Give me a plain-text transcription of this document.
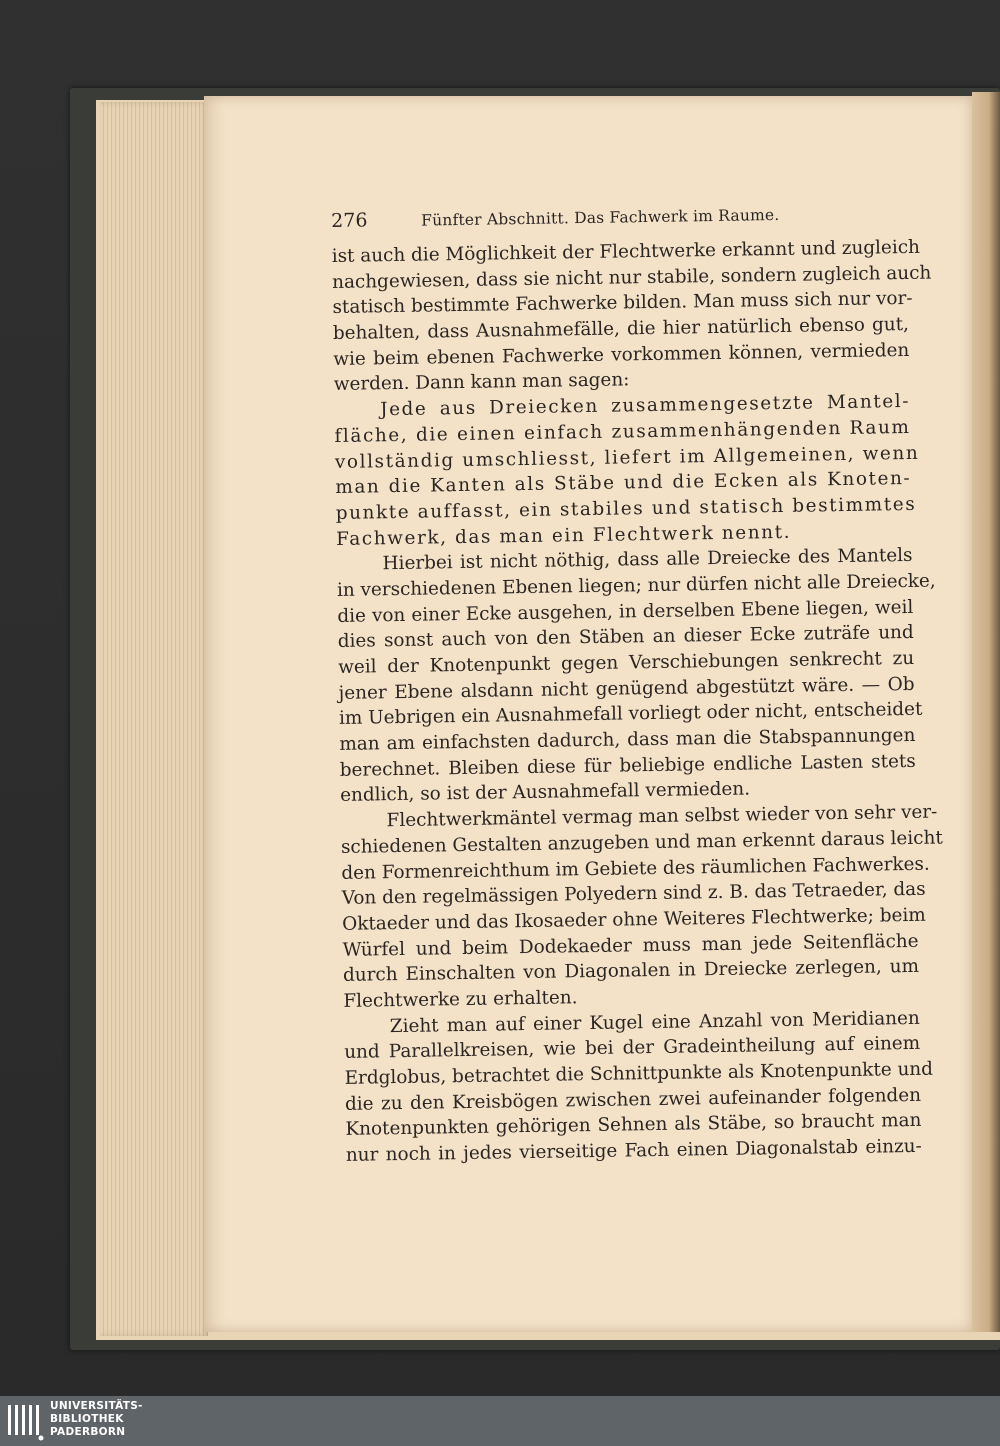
276	Fünfter Abschnitt. Das Fachwerk im Raume.
ist auch die Möglichkeit der Flechtwerke erkannt und zugleich
nachgewiesen, dass sie nicht nur stabile, sondern zugleich auch
statisch bestimmte Fachwerke bilden. Man muss sich nur vor-
behalten, dass Ausnahmefälle, die hier natürlich ebenso gut,
wie beim ebenen Fachwerke vorkommen können, vermieden
werden. Dann kann man sagen:
Jede aus Dreiecken zusammengesetzte Mantel-
fläche, die einen einfach zusammenhängenden Raum
vollständig umschliesst, liefert im Allgemeinen, wenn
man die Kanten als Stäbe und die Ecken als Knoten-
punkte auffasst, ein stabiles und statisch bestimmtes
Fachwerk, das man ein Flechtwerk nennt.
Hierbei ist nicht nöthig, dass alle Dreiecke des Mantels
in verschiedenen Ebenen liegen; nur dürfen nicht alle Dreiecke,
die von einer Ecke ausgehen, in derselben Ebene liegen, weil
dies sonst auch von den Stäben an dieser Ecke zuträfe und
weil der Knotenpunkt gegen Verschiebungen senkrecht zu
jener Ebene alsdann nicht genügend abgestützt wäre. — Ob
im Uebrigen ein Ausnahmefall vorliegt oder nicht, entscheidet
man am einfachsten dadurch, dass man die Stabspannungen
berechnet. Bleiben diese für beliebige endliche Lasten stets
endlich, so ist der Ausnahmefall vermieden.
Flechtwerkmäntel vermag man selbst wieder von sehr ver-
schiedenen Gestalten anzugeben und man erkennt daraus leicht
den Formenreichthum im Gebiete des räumlichen Fachwerkes.
Von den regelmässigen Polyedern sind z. B. das Tetraeder, das
Oktaeder und das Ikosaeder ohne Weiteres Flechtwerke; beim
Würfel und beim Dodekaeder muss man jede Seitenfläche
durch Einschalten von Diagonalen in Dreiecke zerlegen, um
Flechtwerke zu erhalten.
Zieht man auf einer Kugel eine Anzahl von Meridianen
und Parallelkreisen, wie bei der Gradeintheilung auf einem
Erdglobus, betrachtet die Schnittpunkte als Knotenpunkte und
die zu den Kreisbögen zwischen zwei aufeinander folgenden
Knotenpunkten gehörigen Sehnen als Stäbe, so braucht man
nur noch in jedes vierseitige Fach einen Diagonalstab einzu-
UNIVERSITÄTS-
BIBLIOTHEK
PADERBORN
